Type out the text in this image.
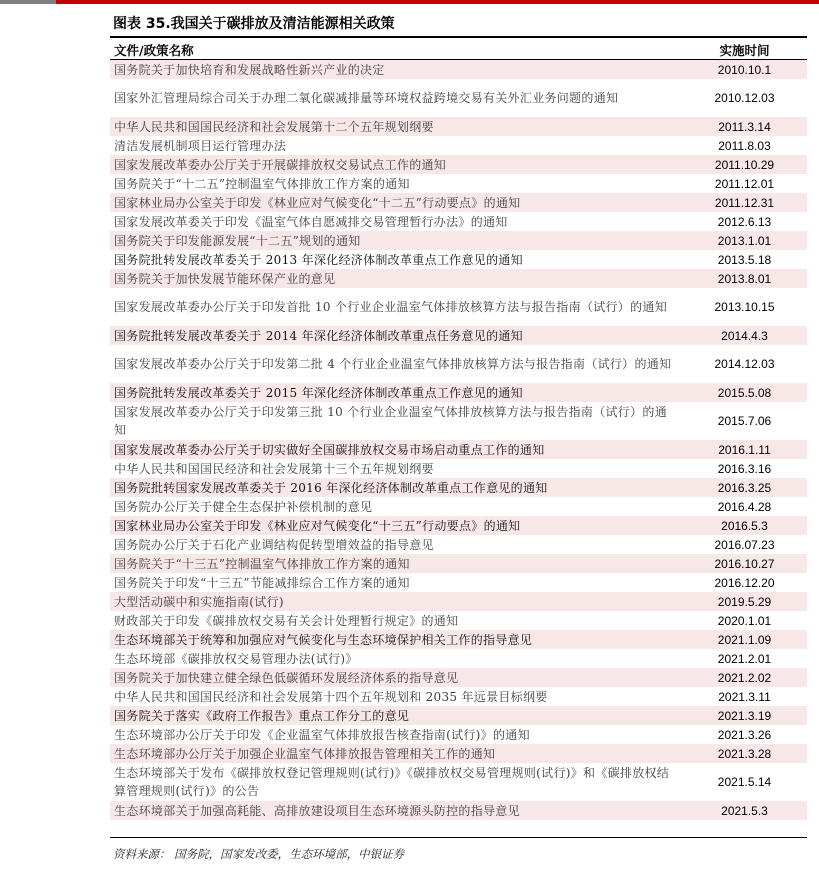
图表 35.我国关于碳排放及清洁能源相关政策
文件/政策名称	实施时间
国务院关于加快培育和发展战略性新兴产业的决定	2010.10.1
国家外汇管理局综合司关于办理二氧化碳减排量等环境权益跨境交易有关外汇业务问题的通知	2010.12.03
中华人民共和国国民经济和社会发展第十二个五年规划纲要	2011.3.14
清洁发展机制项目运行管理办法	2011.8.03
国家发展改革委办公厅关于开展碳排放权交易试点工作的通知	2011.10.29
国务院关于“十二五”控制温室气体排放工作方案的通知	2011.12.01
国家林业局办公室关于印发《林业应对气候变化“十二五”行动要点》的通知	2011.12.31
国家发展改革委关于印发《温室气体自愿减排交易管理暂行办法》的通知	2012.6.13
国务院关于印发能源发展“十二五”规划的通知	2013.1.01
国务院批转发展改革委关于 2013 年深化经济体制改革重点工作意见的通知	2013.5.18
国务院关于加快发展节能环保产业的意见	2013.8.01
国家发展改革委办公厅关于印发首批 10 个行业企业温室气体排放核算方法与报告指南（试行）的通知	2013.10.15
国务院批转发展改革委关于 2014 年深化经济体制改革重点任务意见的通知	2014.4.3
国家发展改革委办公厅关于印发第二批 4 个行业企业温室气体排放核算方法与报告指南（试行）的通知	2014.12.03
国务院批转发展改革委关于 2015 年深化经济体制改革重点工作意见的通知	2015.5.08
国家发展改革委办公厅关于印发第三批 10 个行业企业温室气体排放核算方法与报告指南（试行）的通知	2015.7.06
国家发展改革委办公厅关于切实做好全国碳排放权交易市场启动重点工作的通知	2016.1.11
中华人民共和国国民经济和社会发展第十三个五年规划纲要	2016.3.16
国务院批转国家发展改革委关于 2016 年深化经济体制改革重点工作意见的通知	2016.3.25
国务院办公厅关于健全生态保护补偿机制的意见	2016.4.28
国家林业局办公室关于印发《林业应对气候变化“十三五”行动要点》的通知	2016.5.3
国务院办公厅关于石化产业调结构促转型增效益的指导意见	2016.07.23
国务院关于“十三五”控制温室气体排放工作方案的通知	2016.10.27
国务院关于印发“十三五”节能减排综合工作方案的通知	2016.12.20
大型活动碳中和实施指南(试行)	2019.5.29
财政部关于印发《碳排放权交易有关会计处理暂行规定》的通知	2020.1.01
生态环境部关于统筹和加强应对气候变化与生态环境保护相关工作的指导意见	2021.1.09
生态环境部《碳排放权交易管理办法(试行)》	2021.2.01
国务院关于加快建立健全绿色低碳循环发展经济体系的指导意见	2021.2.02
中华人民共和国国民经济和社会发展第十四个五年规划和 2035 年远景目标纲要	2021.3.11
国务院关于落实《政府工作报告》重点工作分工的意见	2021.3.19
生态环境部办公厅关于印发《企业温室气体排放报告核查指南(试行)》的通知	2021.3.26
生态环境部办公厅关于加强企业温室气体排放报告管理相关工作的通知	2021.3.28
生态环境部关于发布《碳排放权登记管理规则(试行)》《碳排放权交易管理规则(试行)》和《碳排放权结算管理规则(试行)》的公告	2021.5.14
生态环境部关于加强高耗能、高排放建设项目生态环境源头防控的指导意见	2021.5.3
资料来源： 国务院，国家发改委，生态环境部，中银证券
